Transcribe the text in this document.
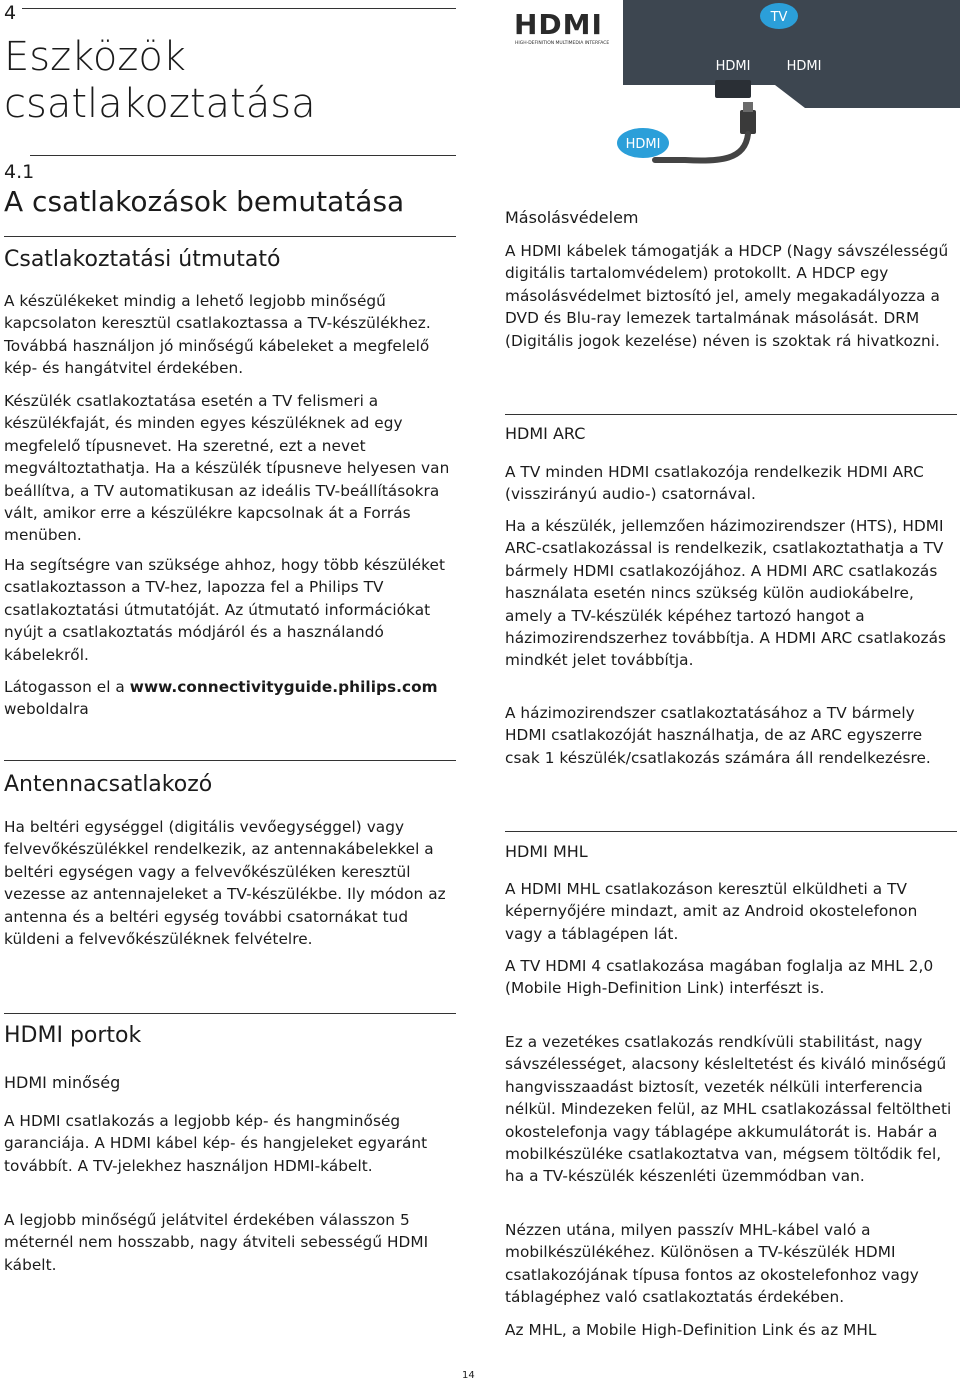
4
Eszközök csatlakoztatása
4.1
A csatlakozások bemutatása
Csatlakoztatási útmutató

A készülékeket mindig a lehető legjobb minőségű kapcsolaton keresztül csatlakoztassa a TV-készülékhez. Továbbá használjon jó minőségű kábeleket a megfelelő kép- és hangátvitel érdekében.

Készülék csatlakoztatása esetén a TV felismeri a készülékfaját, és minden egyes készüléknek ad egy megfelelő típusnevet. Ha szeretné, ezt a nevet megváltoztathatja. Ha a készülék típusneve helyesen van beállítva, a TV automatikusan az ideális TV-beállításokra vált, amikor erre a készülékre kapcsolnak át a Forrás menüben.

Ha segítségre van szüksége ahhoz, hogy több készüléket csatlakoztasson a TV-hez, lapozza fel a Philips TV csatlakoztatási útmutatóját. Az útmutató információkat nyújt a csatlakoztatás módjáról és a használandó kábelekről.

Látogasson el a www.connectivityguide.philips.com
weboldalra

Antennacsatlakozó

Ha beltéri egységgel (digitális vevőegységgel) vagy felvevőkészülékkel rendelkezik, az antennakábelekkel a beltéri egységen vagy a felvevőkészüléken keresztül vezesse az antennajeleket a TV-készülékbe. Ily módon az antenna és a beltéri egység további csatornákat tud küldeni a felvevőkészüléknek felvételre.

HDMI portok
HDMI minőség

A HDMI csatlakozás a legjobb kép- és hangminőség garanciája. A HDMI kábel kép- és hangjeleket egyaránt továbbít. A TV-jelekhez használjon HDMI-kábelt.

A legjobb minőségű jelátvitel érdekében válasszon 5 méternél nem hosszabb, nagy átviteli sebességű HDMI kábelt.

HDMI
HIGH-DEFINITION MULTIMEDIA INTERFACE
TV
HDMI	HDMI
HDMI
Másolásvédelem

A HDMI kábelek támogatják a HDCP (Nagy sávszélességű digitális tartalomvédelem) protokollt. A HDCP egy másolásvédelmet biztosító jel, amely megakadályozza a DVD és Blu-ray lemezek tartalmának másolását. DRM (Digitális jogok kezelése) néven is szoktak rá hivatkozni.

HDMI ARC

A TV minden HDMI csatlakozója rendelkezik HDMI ARC (visszirányú audio-) csatornával.

Ha a készülék, jellemzően házimozirendszer (HTS), HDMI ARC-csatlakozással is rendelkezik, csatlakoztathatja a TV bármely HDMI csatlakozójához. A HDMI ARC csatlakozás használata esetén nincs szükség külön audiokábelre, amely a TV-készülék képéhez tartozó hangot a házimozirendszerhez továbbítja. A HDMI ARC csatlakozás mindkét jelet továbbítja.

A házimozirendszer csatlakoztatásához a TV bármely HDMI csatlakozóját használhatja, de az ARC egyszerre csak 1 készülék/csatlakozás számára áll rendelkezésre.

HDMI MHL

A HDMI MHL csatlakozáson keresztül elküldheti a TV képernyőjére mindazt, amit az Android okostelefonon vagy a táblagépen lát.

A TV HDMI 4 csatlakozása magában foglalja az MHL 2,0 (Mobile High-Definition Link) interfészt is.

Ez a vezetékes csatlakozás rendkívüli stabilitást, nagy sávszélességet, alacsony késleltetést és kiváló minőségű hangvisszaadást biztosít, vezeték nélküli interferencia nélkül. Mindezeken felül, az MHL csatlakozással feltöltheti okostelefonja vagy táblagépe akkumulátorát is. Habár a mobilkészüléke csatlakoztatva van, mégsem töltődik fel, ha a TV-készülék készenléti üzemmódban van.

Nézzen utána, milyen passzív MHL-kábel való a mobilkészülékéhez. Különösen a TV-készülék HDMI csatlakozójának típusa fontos az okostelefonhoz vagy táblagéphez való csatlakoztatás érdekében.

Az MHL, a Mobile High-Definition Link és az MHL

14
